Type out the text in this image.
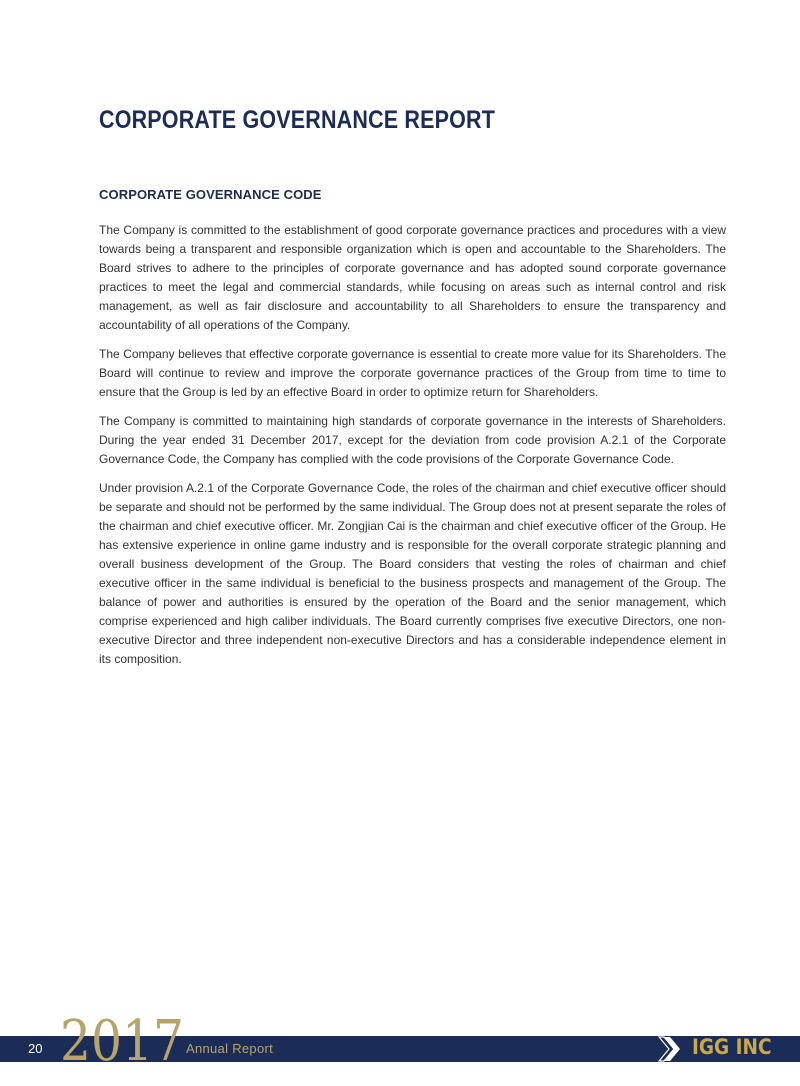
CORPORATE GOVERNANCE REPORT
CORPORATE GOVERNANCE CODE

The Company is committed to the establishment of good corporate governance practices and procedures with a view towards being a transparent and responsible organization which is open and accountable to the Shareholders. The Board strives to adhere to the principles of corporate governance and has adopted sound corporate governance practices to meet the legal and commercial standards, while focusing on areas such as internal control and risk management, as well as fair disclosure and accountability to all Shareholders to ensure the transparency and accountability of all operations of the Company.

The Company believes that effective corporate governance is essential to create more value for its Shareholders. The Board will continue to review and improve the corporate governance practices of the Group from time to time to ensure that the Group is led by an effective Board in order to optimize return for Shareholders.

The Company is committed to maintaining high standards of corporate governance in the interests of Shareholders. During the year ended 31 December 2017, except for the deviation from code provision A.2.1 of the Corporate Governance Code, the Company has complied with the code provisions of the Corporate Governance Code.

Under provision A.2.1 of the Corporate Governance Code, the roles of the chairman and chief executive officer should be separate and should not be performed by the same individual. The Group does not at present separate the roles of the chairman and chief executive officer. Mr. Zongjian Cai is the chairman and chief executive officer of the Group. He has extensive experience in online game industry and is responsible for the overall corporate strategic planning and overall business development of the Group. The Board considers that vesting the roles of chairman and chief executive officer in the same individual is beneficial to the business prospects and management of the Group. The balance of power and authorities is ensured by the operation of the Board and the senior management, which comprise experienced and high caliber individuals. The Board currently comprises five executive Directors, one non-executive Director and three independent non-executive Directors and has a considerable independence element in its composition.

20 2017 Annual Report	IGG INC
